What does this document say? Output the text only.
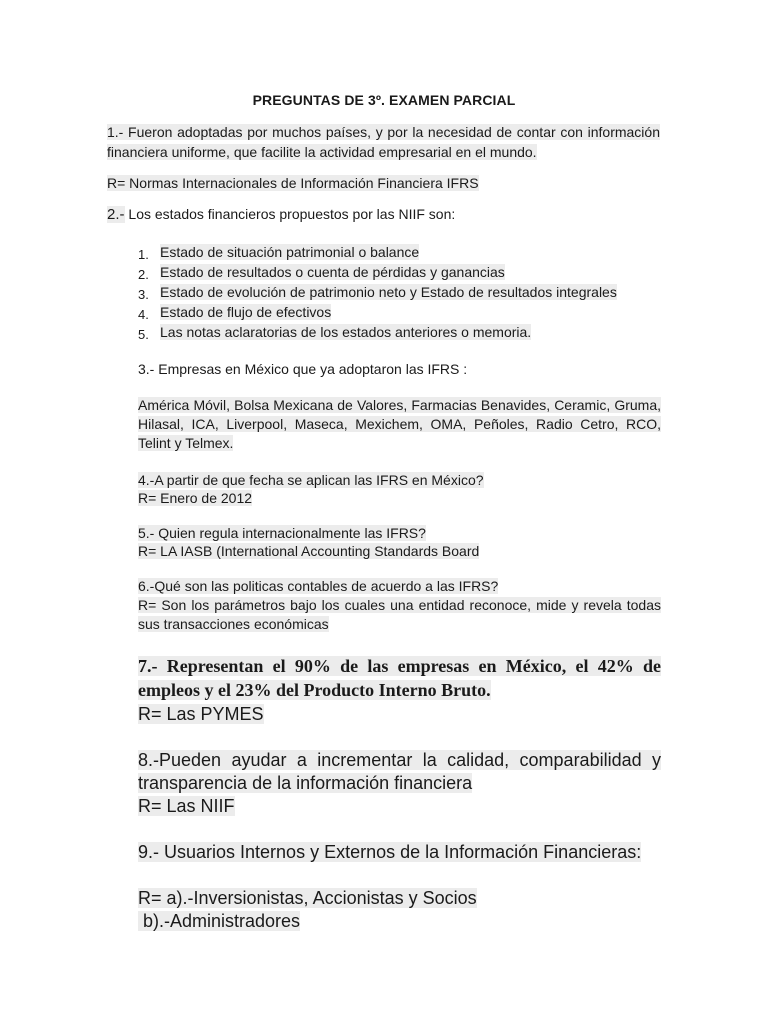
PREGUNTAS DE 3º. EXAMEN PARCIAL
1.- Fueron adoptadas por muchos países, y por la necesidad de contar con información financiera uniforme, que facilite la actividad empresarial en el mundo.
R= Normas Internacionales de Información Financiera IFRS
2.- Los estados financieros propuestos por las NIIF son:
1. Estado de situación patrimonial o balance
2. Estado de resultados o cuenta de pérdidas y ganancias
3. Estado de evolución de patrimonio neto y Estado de resultados integrales
4. Estado de flujo de efectivos
5. Las notas aclaratorias de los estados anteriores o memoria.
3.- Empresas en México que ya adoptaron las IFRS :
América Móvil, Bolsa Mexicana de Valores, Farmacias Benavides, Ceramic, Gruma, Hilasal, ICA, Liverpool, Maseca, Mexichem, OMA, Peñoles, Radio Cetro, RCO, Telint y Telmex.
4.-A partir de que fecha se aplican las IFRS en México?
R= Enero de 2012
5.- Quien regula internacionalmente las IFRS?
R= LA IASB (International Accounting Standards Board
6.-Qué son las politicas contables de acuerdo a las IFRS?
R= Son los parámetros bajo los cuales una entidad reconoce, mide y revela todas sus transacciones económicas
7.- Representan el 90% de las empresas en México, el 42% de empleos y el 23% del Producto Interno Bruto.
R= Las PYMES
8.-Pueden ayudar a incrementar la calidad, comparabilidad y transparencia de la información financiera
R= Las NIIF
9.- Usuarios Internos y Externos de la Información Financieras:
R= a).-Inversionistas, Accionistas y Socios
b).-Administradores
